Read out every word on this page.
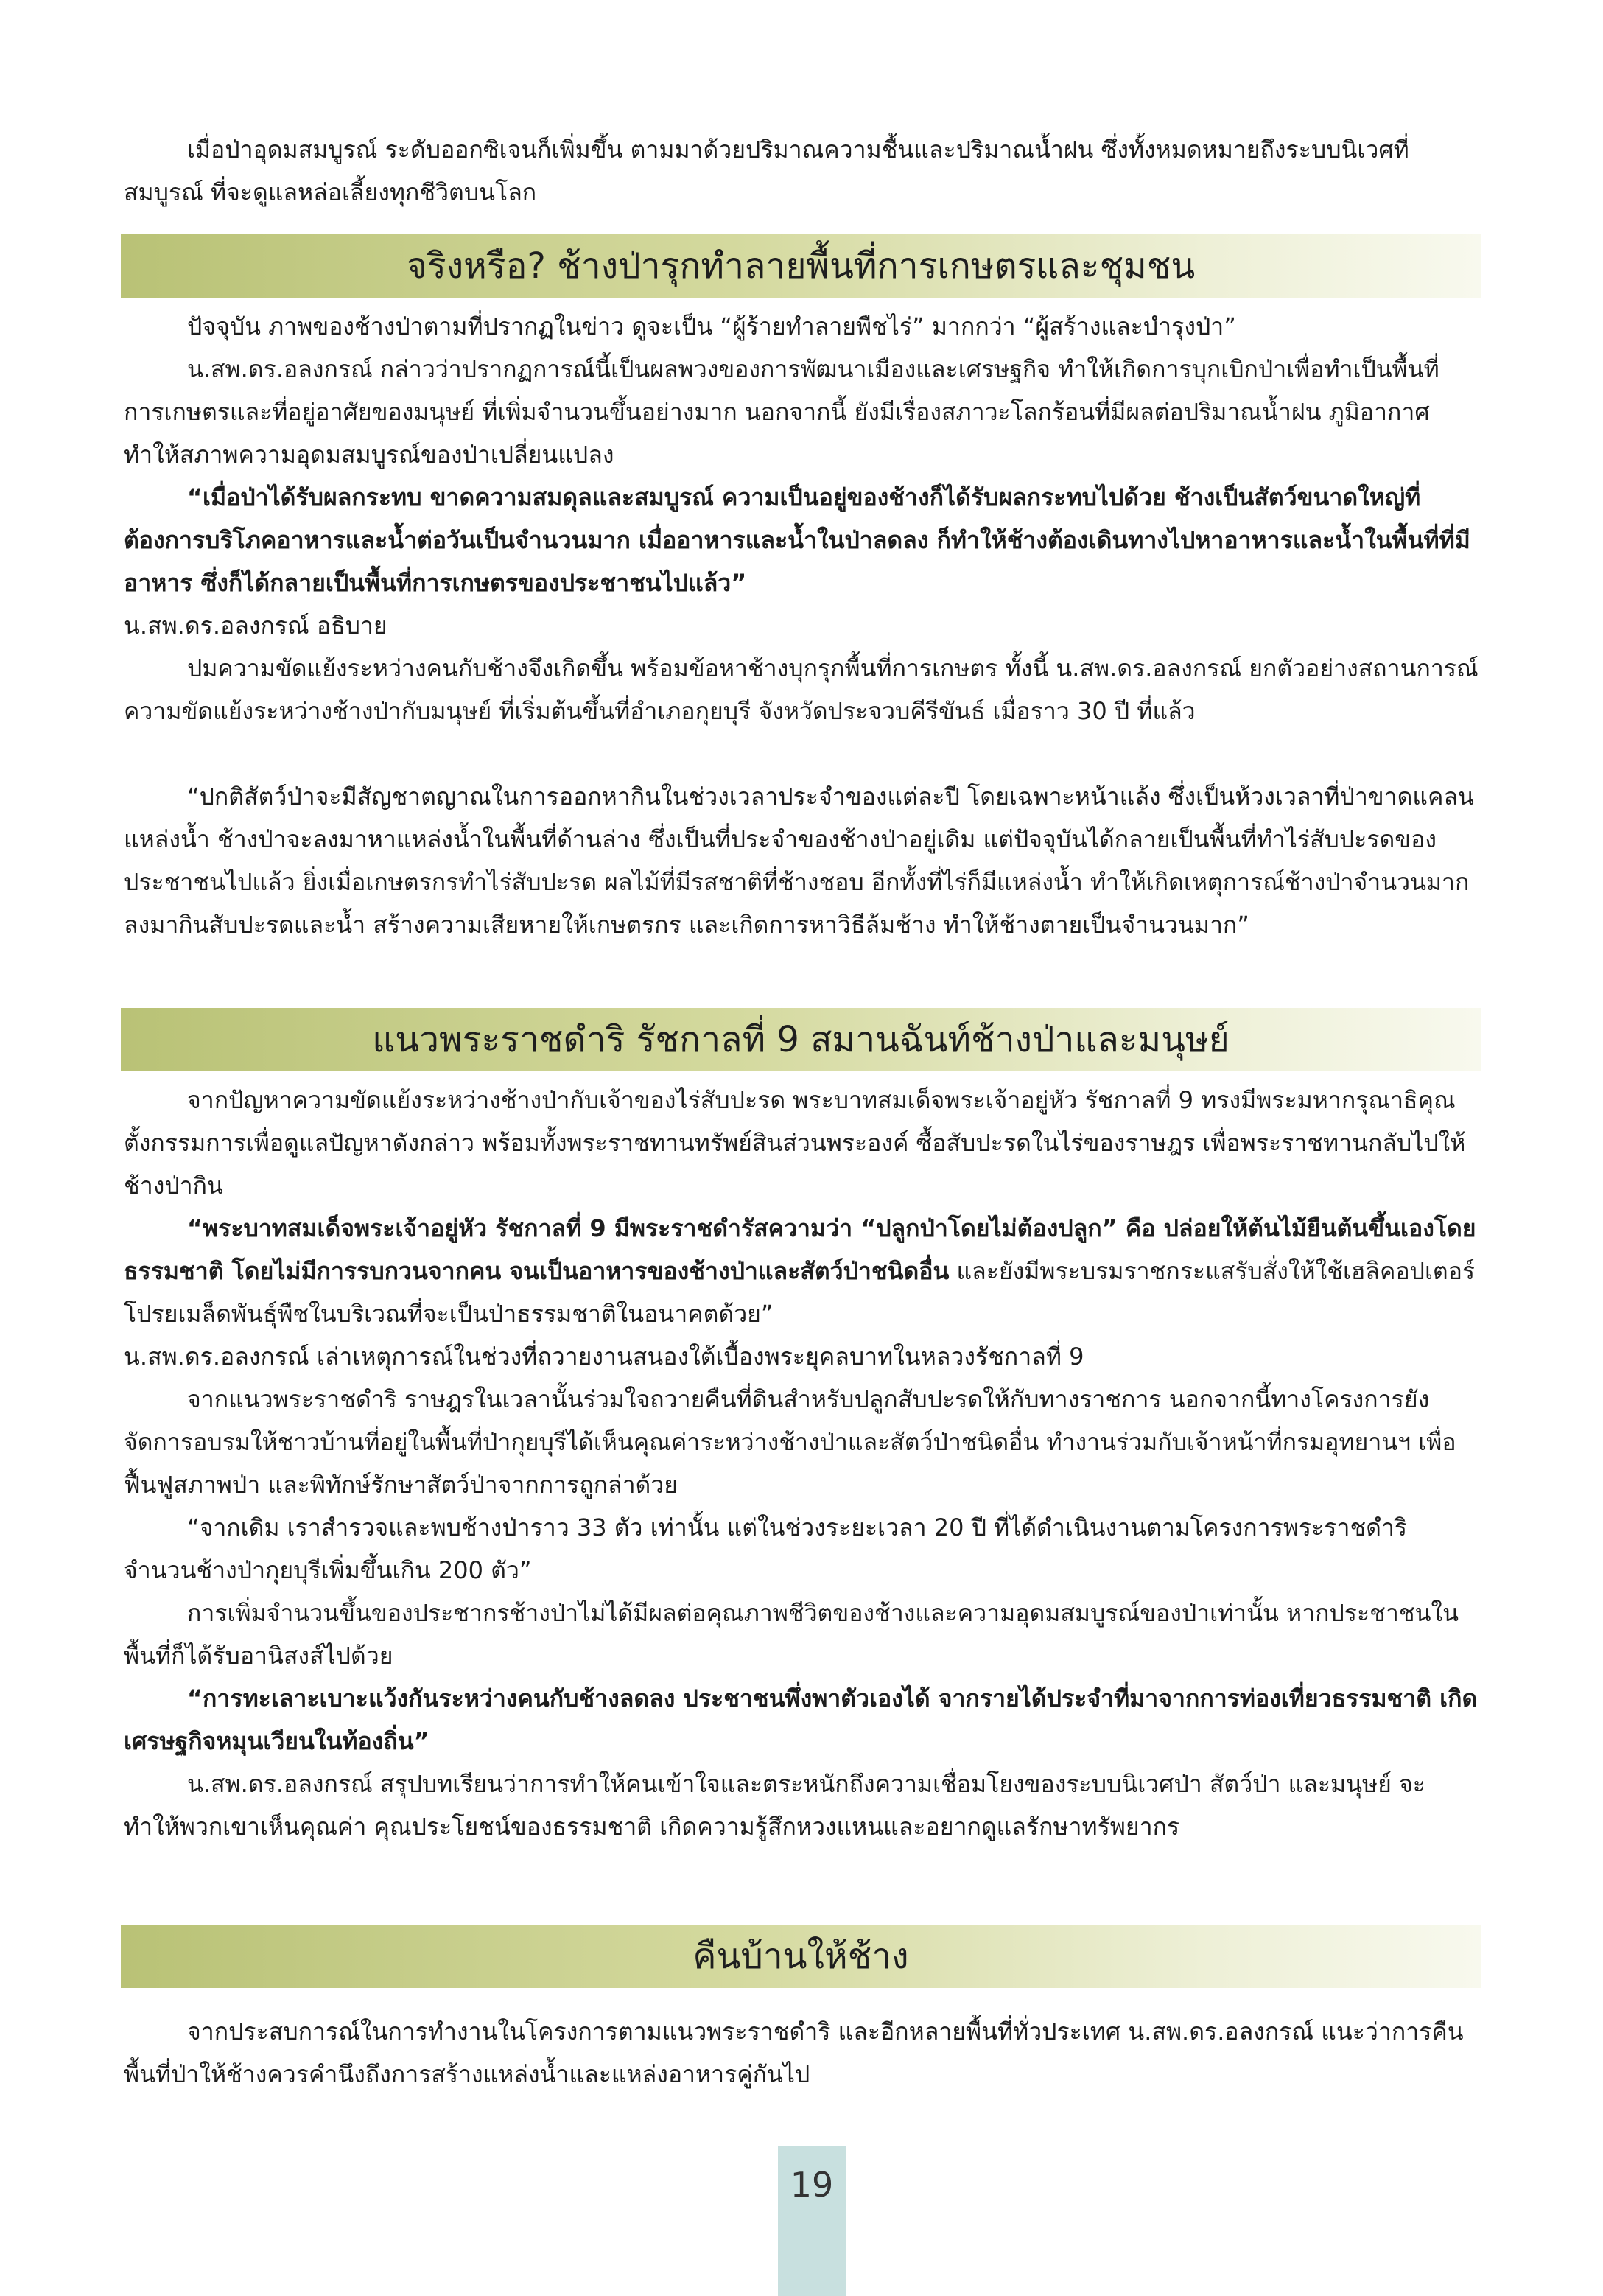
เมื่อป่าอุดมสมบูรณ์ ระดับออกซิเจนก็เพิ่มขึ้น ตามมาด้วยปริมาณความชื้นและปริมาณน้ำฝน ซึ่งทั้งหมดหมายถึงระบบนิเวศที่สมบูรณ์ ที่จะดูแลหล่อเลี้ยงทุกชีวิตบนโลก

จริงหรือ? ช้างป่ารุกทำลายพื้นที่การเกษตรและชุมชน

ปัจจุบัน ภาพของช้างป่าตามที่ปรากฏในข่าว ดูจะเป็น “ผู้ร้ายทำลายพืชไร่” มากกว่า “ผู้สร้างและบำรุงป่า”

น.สพ.ดร.อลงกรณ์ กล่าวว่าปรากฏการณ์นี้เป็นผลพวงของการพัฒนาเมืองและเศรษฐกิจ ทำให้เกิดการบุกเบิกป่าเพื่อทำเป็นพื้นที่การเกษตรและที่อยู่อาศัยของมนุษย์ ที่เพิ่มจำนวนขึ้นอย่างมาก นอกจากนี้ ยังมีเรื่องสภาวะโลกร้อนที่มีผลต่อปริมาณน้ำฝน ภูมิอากาศ ทำให้สภาพความอุดมสมบูรณ์ของป่าเปลี่ยนแปลง

“เมื่อป่าได้รับผลกระทบ ขาดความสมดุลและสมบูรณ์ ความเป็นอยู่ของช้างก็ได้รับผลกระทบไปด้วย ช้างเป็นสัตว์ขนาดใหญ่ที่ต้องการบริโภคอาหารและน้ำต่อวันเป็นจำนวนมาก เมื่ออาหารและน้ำในป่าลดลง ก็ทำให้ช้างต้องเดินทางไปหาอาหารและน้ำในพื้นที่ที่มีอาหาร ซึ่งก็ได้กลายเป็นพื้นที่การเกษตรของประชาชนไปแล้ว”

น.สพ.ดร.อลงกรณ์ อธิบาย

ปมความขัดแย้งระหว่างคนกับช้างจึงเกิดขึ้น พร้อมข้อหาช้างบุกรุกพื้นที่การเกษตร ทั้งนี้ น.สพ.ดร.อลงกรณ์ ยกตัวอย่างสถานการณ์ความขัดแย้งระหว่างช้างป่ากับมนุษย์ ที่เริ่มต้นขึ้นที่อำเภอกุยบุรี จังหวัดประจวบคีรีขันธ์ เมื่อราว 30 ปี ที่แล้ว

“ปกติสัตว์ป่าจะมีสัญชาตญาณในการออกหากินในช่วงเวลาประจำของแต่ละปี โดยเฉพาะหน้าแล้ง ซึ่งเป็นห้วงเวลาที่ป่าขาดแคลนแหล่งน้ำ ช้างป่าจะลงมาหาแหล่งน้ำในพื้นที่ด้านล่าง ซึ่งเป็นที่ประจำของช้างป่าอยู่เดิม แต่ปัจจุบันได้กลายเป็นพื้นที่ทำไร่สับปะรดของประชาชนไปแล้ว ยิ่งเมื่อเกษตรกรทำไร่สับปะรด ผลไม้ที่มีรสชาติที่ช้างชอบ อีกทั้งที่ไร่ก็มีแหล่งน้ำ ทำให้เกิดเหตุการณ์ช้างป่าจำนวนมากลงมากินสับปะรดและน้ำ สร้างความเสียหายให้เกษตรกร และเกิดการหาวิธีล้มช้าง ทำให้ช้างตายเป็นจำนวนมาก”

แนวพระราชดำริ รัชกาลที่ 9 สมานฉันท์ช้างป่าและมนุษย์

จากปัญหาความขัดแย้งระหว่างช้างป่ากับเจ้าของไร่สับปะรด พระบาทสมเด็จพระเจ้าอยู่หัว รัชกาลที่ 9 ทรงมีพระมหากรุณาธิคุณตั้งกรรมการเพื่อดูแลปัญหาดังกล่าว พร้อมทั้งพระราชทานทรัพย์สินส่วนพระองค์ ซื้อสับปะรดในไร่ของราษฎร เพื่อพระราชทานกลับไปให้ช้างป่ากิน

“พระบาทสมเด็จพระเจ้าอยู่หัว รัชกาลที่ 9 มีพระราชดำรัสความว่า “ปลูกป่าโดยไม่ต้องปลูก” คือ ปล่อยให้ต้นไม้ยืนต้นขึ้นเองโดยธรรมชาติ โดยไม่มีการรบกวนจากคน จนเป็นอาหารของช้างป่าและสัตว์ป่าชนิดอื่น และยังมีพระบรมราชกระแสรับสั่งให้ใช้เฮลิคอปเตอร์โปรยเมล็ดพันธุ์พืชในบริเวณที่จะเป็นป่าธรรมชาติในอนาคตด้วย”

น.สพ.ดร.อลงกรณ์ เล่าเหตุการณ์ในช่วงที่ถวายงานสนองใต้เบื้องพระยุคลบาทในหลวงรัชกาลที่ 9

จากแนวพระราชดำริ ราษฎรในเวลานั้นร่วมใจถวายคืนที่ดินสำหรับปลูกสับปะรดให้กับทางราชการ นอกจากนี้ทางโครงการยังจัดการอบรมให้ชาวบ้านที่อยู่ในพื้นที่ป่ากุยบุรีได้เห็นคุณค่าระหว่างช้างป่าและสัตว์ป่าชนิดอื่น ทำงานร่วมกับเจ้าหน้าที่กรมอุทยานฯ เพื่อฟื้นฟูสภาพป่า และพิทักษ์รักษาสัตว์ป่าจากการถูกล่าด้วย

“จากเดิม เราสำรวจและพบช้างป่าราว 33 ตัว เท่านั้น แต่ในช่วงระยะเวลา 20 ปี ที่ได้ดำเนินงานตามโครงการพระราชดำริ จำนวนช้างป่ากุยบุรีเพิ่มขึ้นเกิน 200 ตัว”

การเพิ่มจำนวนขึ้นของประชากรช้างป่าไม่ได้มีผลต่อคุณภาพชีวิตของช้างและความอุดมสมบูรณ์ของป่าเท่านั้น หากประชาชนในพื้นที่ก็ได้รับอานิสงส์ไปด้วย

“การทะเลาะเบาะแว้งกันระหว่างคนกับช้างลดลง ประชาชนพึ่งพาตัวเองได้ จากรายได้ประจำที่มาจากการท่องเที่ยวธรรมชาติ เกิดเศรษฐกิจหมุนเวียนในท้องถิ่น”

น.สพ.ดร.อลงกรณ์ สรุปบทเรียนว่าการทำให้คนเข้าใจและตระหนักถึงความเชื่อมโยงของระบบนิเวศป่า สัตว์ป่า และมนุษย์ จะทำให้พวกเขาเห็นคุณค่า คุณประโยชน์ของธรรมชาติ เกิดความรู้สึกหวงแหนและอยากดูแลรักษาทรัพยากร

คืนบ้านให้ช้าง

จากประสบการณ์ในการทำงานในโครงการตามแนวพระราชดำริ และอีกหลายพื้นที่ทั่วประเทศ น.สพ.ดร.อลงกรณ์ แนะว่าการคืนพื้นที่ป่าให้ช้างควรคำนึงถึงการสร้างแหล่งน้ำและแหล่งอาหารคู่กันไป

19
